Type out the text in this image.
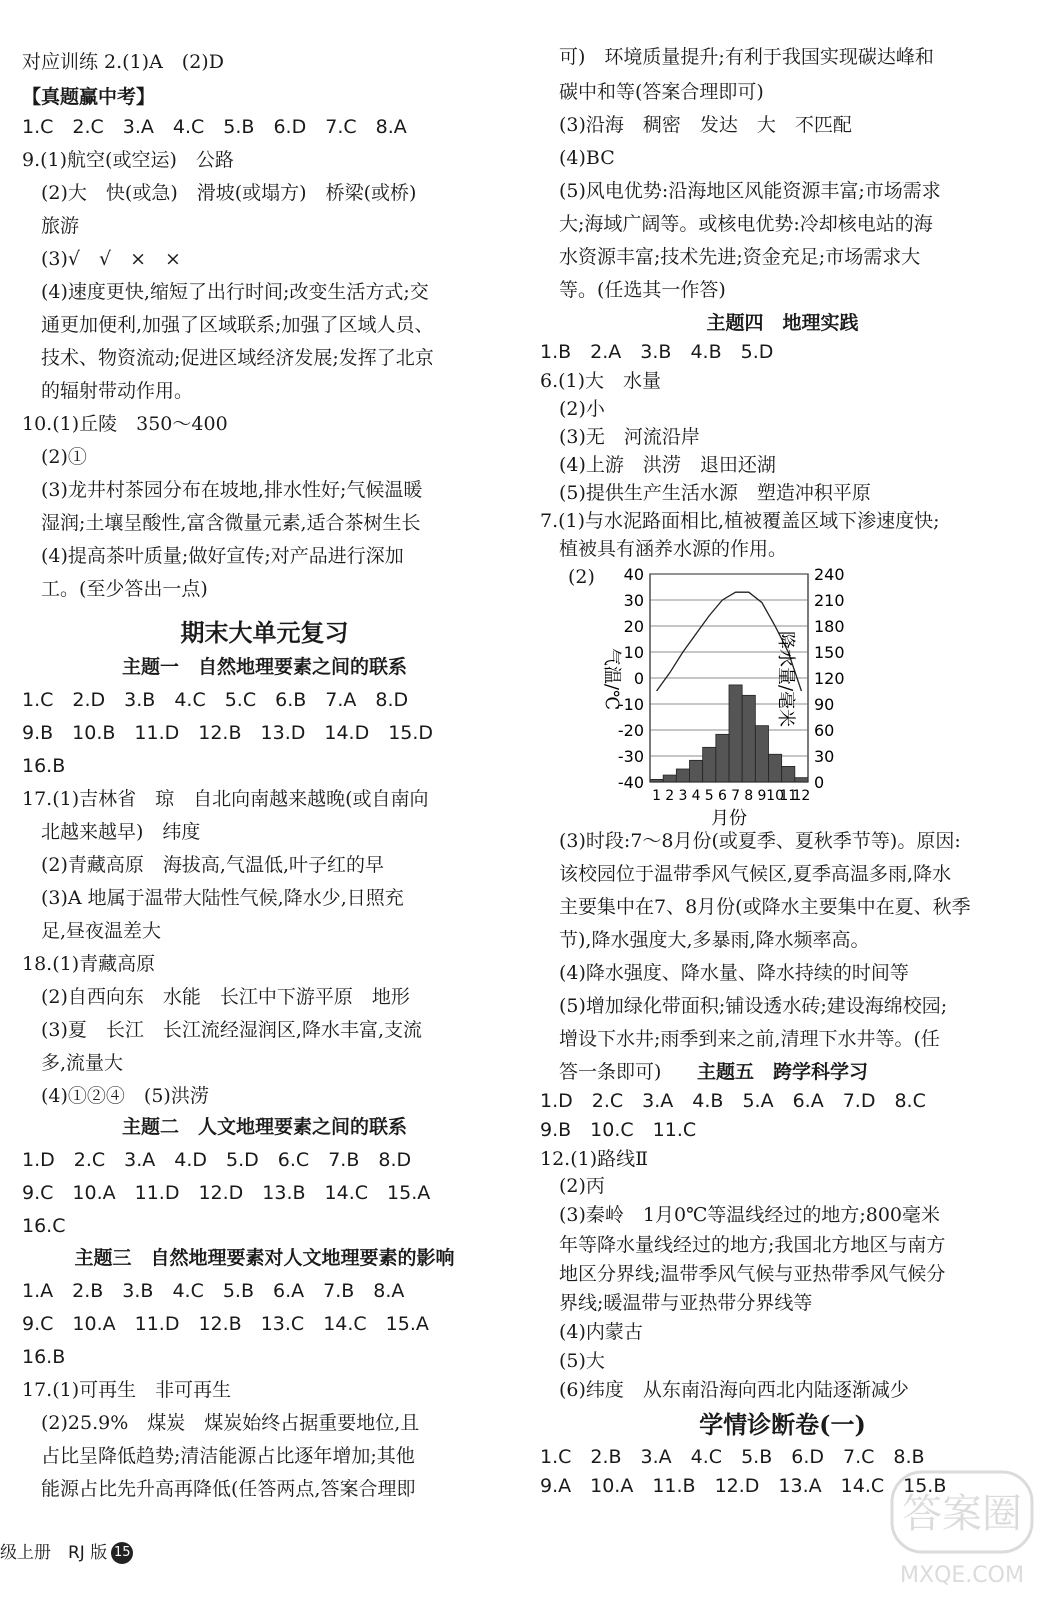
对应训练 2.(1)A　(2)D
【真题赢中考】
1.C　2.C　3.A　4.C　5.B　6.D　7.C　8.A
9.(1)航空(或空运)　公路
　(2)大　快(或急)　滑坡(或塌方)　桥梁(或桥)
　旅游
　(3)√　√　×　×
　(4)速度更快,缩短了出行时间;改变生活方式;交
　通更加便利,加强了区域联系;加强了区域人员、
　技术、物资流动;促进区域经济发展;发挥了北京
　的辐射带动作用。
10.(1)丘陵　350～400
　(2)①
　(3)龙井村茶园分布在坡地,排水性好;气候温暖
　湿润;土壤呈酸性,富含微量元素,适合茶树生长
　(4)提高茶叶质量;做好宣传;对产品进行深加
　工。(至少答出一点)
期末大单元复习
主题一　自然地理要素之间的联系
1.C　2.D　3.B　4.C　5.C　6.B　7.A　8.D
9.B　10.B　11.D　12.B　13.D　14.D　15.D
16.B
17.(1)吉林省　琼　自北向南越来越晚(或自南向
　北越来越早)　纬度
　(2)青藏高原　海拔高,气温低,叶子红的早
　(3)A 地属于温带大陆性气候,降水少,日照充
　足,昼夜温差大
18.(1)青藏高原
　(2)自西向东　水能　长江中下游平原　地形
　(3)夏　长江　长江流经湿润区,降水丰富,支流
　多,流量大
　(4)①②④　(5)洪涝
主题二　人文地理要素之间的联系
1.D　2.C　3.A　4.D　5.D　6.C　7.B　8.D
9.C　10.A　11.D　12.D　13.B　14.C　15.A
16.C
主题三　自然地理要素对人文地理要素的影响
1.A　2.B　3.B　4.C　5.B　6.A　7.B　8.A
9.C　10.A　11.D　12.B　13.C　14.C　15.A
16.B
17.(1)可再生　非可再生
　(2)25.9%　煤炭　煤炭始终占据重要地位,且
　占比呈降低趋势;清洁能源占比逐年增加;其他
　能源占比先升高再降低(任答两点,答案合理即
　可)　环境质量提升;有利于我国实现碳达峰和
　碳中和等(答案合理即可)
　(3)沿海　稠密　发达　大　不匹配
　(4)BC
　(5)风电优势:沿海地区风能资源丰富;市场需求
　大;海域广阔等。或核电优势:冷却核电站的海
　水资源丰富;技术先进;资金充足;市场需求大
　等。(任选其一作答)
主题四　地理实践
1.B　2.A　3.B　4.B　5.D
6.(1)大　水量
　(2)小
　(3)无　河流沿岸
　(4)上游　洪涝　退田还湖
　(5)提供生产生活水源　塑造冲积平原
7.(1)与水泥路面相比,植被覆盖区域下渗速度快;
　植被具有涵养水源的作用。
　(3)时段:7～8月份(或夏季、夏秋季节等)。原因:
　该校园位于温带季风气候区,夏季高温多雨,降水
　主要集中在7、8月份(或降水主要集中在夏、秋季
　节),降水强度大,多暴雨,降水频率高。
　(4)降水强度、降水量、降水持续的时间等
　(5)增加绿化带面积;铺设透水砖;建设海绵校园;
　增设下水井;雨季到来之前,清理下水井等。(任
　答一条即可)	主题五　跨学科学习
1.D　2.C　3.A　4.B　5.A　6.A　7.D　8.C
9.B　10.C　11.C
12.(1)路线Ⅱ
　(2)丙
　(3)秦岭　1月0℃等温线经过的地方;800毫米
　年等降水量线经过的地方;我国北方地区与南方
　地区分界线;温带季风气候与亚热带季风气候分
　界线;暖温带与亚热带分界线等
　(4)内蒙古
　(5)大
　(6)纬度　从东南沿海向西北内陆逐渐减少
学情诊断卷(一)
1.C　2.B　3.A　4.C　5.B　6.D　7.C　8.B
9.A　10.A　11.B　12.D　13.A　14.C　15.B
(2) 40
30
20
10
0
-10
-20
-30
-40
240
210
180
150
120
90
60
30
0
1 2 3 4 5 6 7 8 9 10
11
12
气温/℃	降水量/毫米
月份
级上册　RJ 版 15
答案圈
MXQE.COM
